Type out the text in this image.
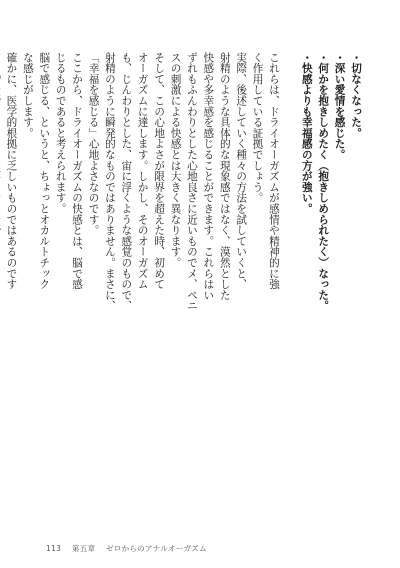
・切なくなった。
・深い愛情を感じた。
・何かを抱きしめたく（抱きしめられたく）なった。
・快感よりも幸福感の方が強い。

これらは、ドライオーガズムが感情や精神的に強
く作用している証拠でしょう。
実際、後述していく種々の方法を試していくと、
射精のような具体的な現象感ではなく、漠然とした
快感や多幸感を感じることができます。これらはい
ずれもふんわりとした心地良さに近いものでメ、ペニ
スの刺激による快感とは大きく異なります。
そして、この心地よさが限界を超えた時、初めて
オーガズムに達します。しかし、そのオーガズム
も、じんわりとした、宙に浮くような感覚のもので、
射精のように瞬発的なものではありません。まさに、
「幸福を感じる」心地よさなのです。
ここから、ドライオーガズムの快感とは、脳で感
じるものであると考えられます。
脳で感じる、というと、ちょっとオカルトチック
な感じがします。
確かに、医学的根拠に乏しいものではあるのです
113 第五章 ゼロからのアナルオーガズム
